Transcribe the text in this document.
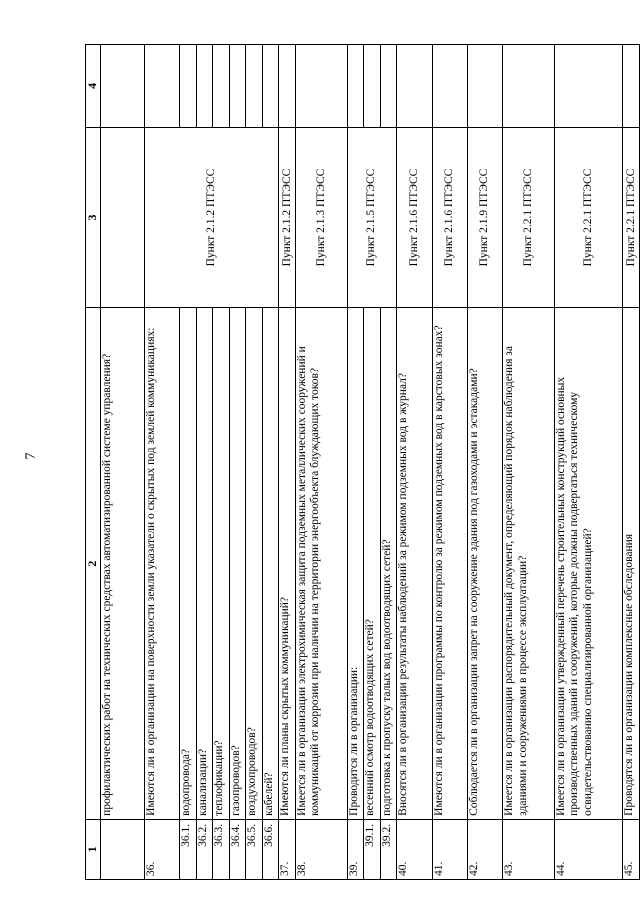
7
1	2	3	4
	профилактических работ на технических средствах автоматизированной системе управления?		
36.	Имеются ли в организации на поверхности земли указатели о скрытых под землей коммуникациях:	Пункт 2.1.2 ПТЭСС	
36.1.	водопровода?		
36.2.	канализации?		
36.3.	теплофикации?		
36.4.	газопроводов?		
36.5.	воздухопроводов?		
36.6.	кабелей?		
37.	Имеются ли планы скрытых коммуникаций?	Пункт 2.1.2 ПТЭСС	
38.	Имеется ли в организации электрохимическая защита подземных металлических сооружений и коммуникаций от коррозии при наличии на территории энергообъекта блуждающих токов?	Пункт 2.1.3 ПТЭСС	
39.	Проводится ли в организации:	Пункт 2.1.5 ПТЭСС	
39.1.	весенний осмотр водоотводящих сетей?		
39.2.	подготовка к пропуску талых вод водоотводящих сетей?		
40.	Вносятся ли в организации результаты наблюдений за режимом подземных вод в журнал?	Пункт 2.1.6 ПТЭСС	
41.	Имеются ли в организации программы по контролю за режимом подземных вод в карстовых зонах?	Пункт 2.1.6 ПТЭСС	
42.	Соблюдается ли в организации запрет на сооружение здания под газоходами и эстакадами?	Пункт 2.1.9 ПТЭСС	
43.	Имеется ли в организации распорядительный документ, определяющий порядок наблюдения за зданиями и сооружениями в процессе эксплуатации?	Пункт 2.2.1 ПТЭСС	
44.	Имеется ли в организации утвержденный перечень строительных конструкций основных производственных зданий и сооружений, которые должны подвергаться техническому освидетельствованию специализированной организацией?	Пункт 2.2.1 ПТЭСС	
45.	Проводятся ли в организации комплексные обследования	Пункт 2.2.1 ПТЭСС	
